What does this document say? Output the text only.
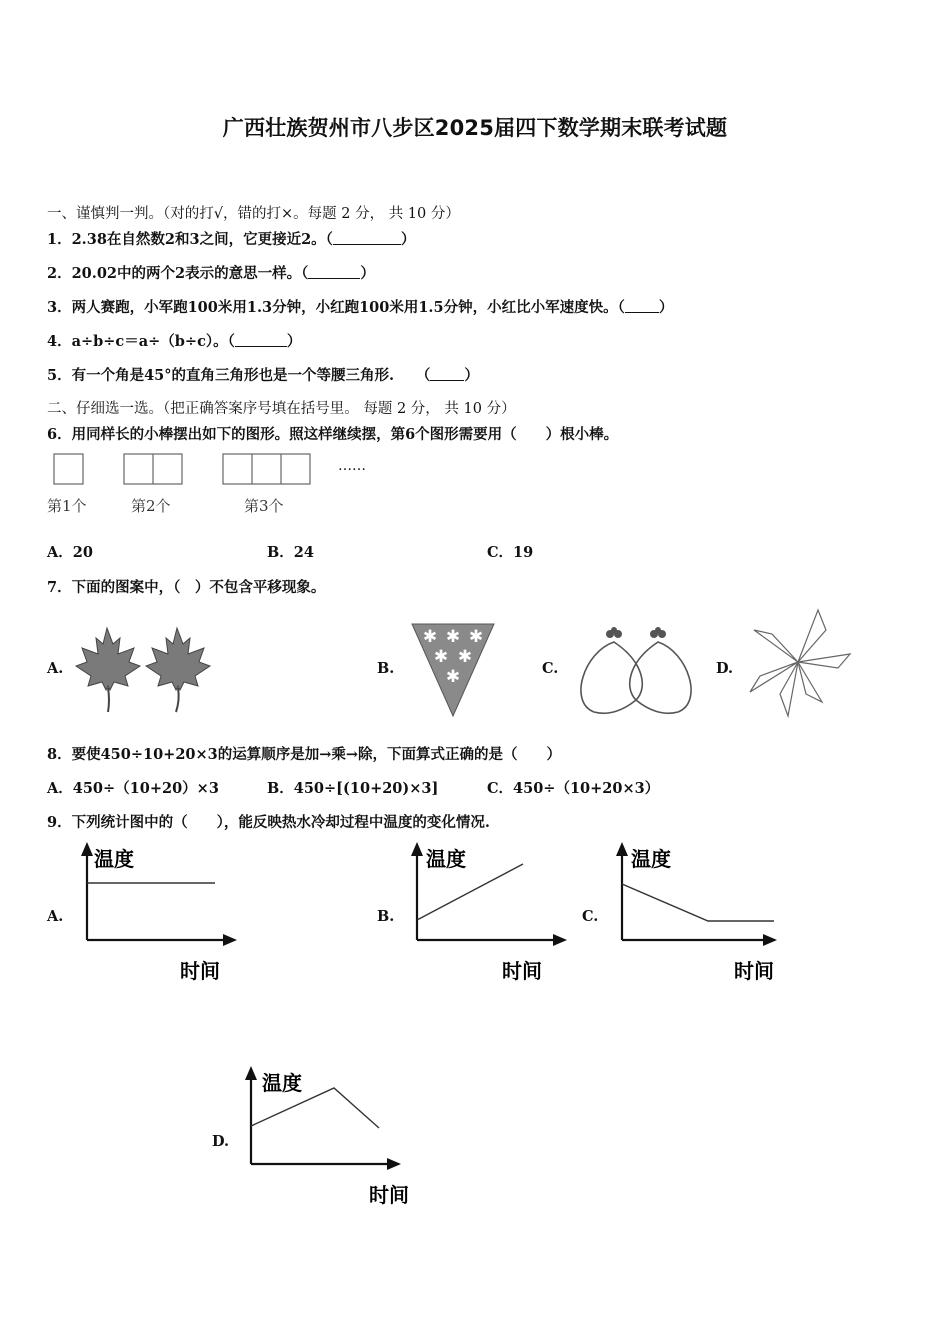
广西壮族贺州市八步区2025届四下数学期末联考试题
一、谨慎判一判。（对的打√，错的打×。每题 2 分， 共 10 分）
1．2.38在自然数2和3之间，它更接近2。（	）
2．20.02中的两个2表示的意思一样。（	）
3．两人赛跑，小军跑100米用1.3分钟，小红跑100米用1.5分钟，小红比小军速度快。（ ）
4．a÷b÷c＝a÷（b÷c）。（	）
5．有一个角是45°的直角三角形也是一个等腰三角形.　　（ ）
二、仔细选一选。（把正确答案序号填在括号里。 每题 2 分， 共 10 分）
6．用同样长的小棒摆出如下的图形。照这样继续摆，第6个图形需要用（　　）根小棒。
……
第1个	第2个	第3个
A．20	B．24	C．19
7．下面的图案中，（　）不包含平移现象。
A.	B.
✱ ✱ ✱
✱ ✱
✱	C.	D.
8．要使450÷10+20×3的运算顺序是加→乘→除，下面算式正确的是（　　）
A．450÷（10+20）×3	B．450÷[(10+20)×3]	C．450÷（10+20×3）
9．下列统计图中的（　　），能反映热水冷却过程中温度的变化情况.
A.
温度
时间
B.
温度
时间
C.
温度
时间
D.
温度
时间
